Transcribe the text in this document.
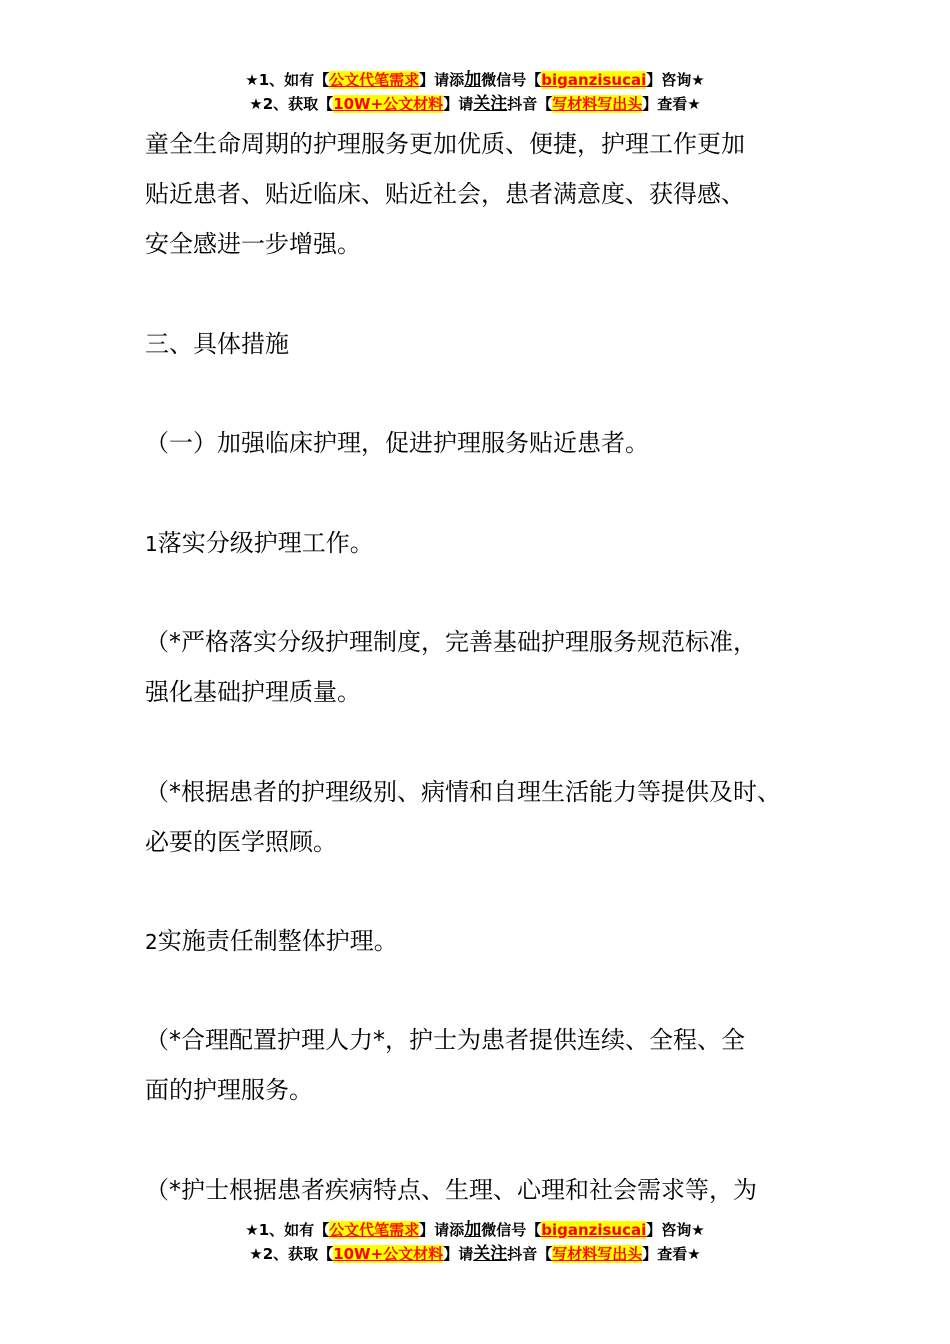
★1、如有【公文代笔需求】请添加微信号【biganzisucai】咨询★
★2、获取【10W+公文材料】请关注抖音【写材料写出头】查看★
童全生命周期的护理服务更加优质、便捷，护理工作更加
贴近患者、贴近临床、贴近社会，患者满意度、获得感、
安全感进一步增强。
三、具体措施
（一）加强临床护理，促进护理服务贴近患者。
1落实分级护理工作。
（*严格落实分级护理制度，完善基础护理服务规范标准，
强化基础护理质量。
（*根据患者的护理级别、病情和自理生活能力等提供及时、
必要的医学照顾。
2实施责任制整体护理。
（*合理配置护理人力*，护士为患者提供连续、全程、全
面的护理服务。
（*护士根据患者疾病特点、生理、心理和社会需求等，为
★1、如有【公文代笔需求】请添加微信号【biganzisucai】咨询★
★2、获取【10W+公文材料】请关注抖音【写材料写出头】查看★
